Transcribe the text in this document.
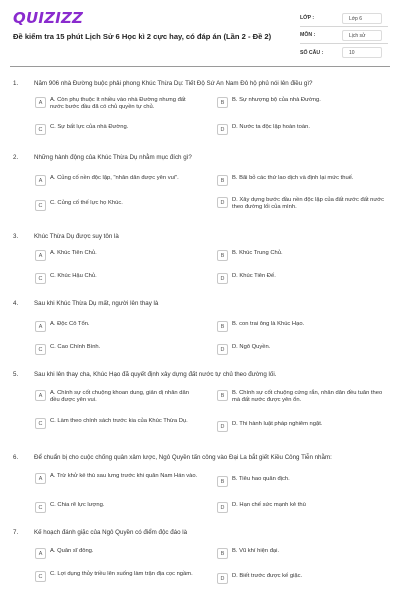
QUIZIZZ
Đề kiểm tra 15 phút Lịch Sử 6 Học kì 2 cực hay, có đáp án (Lần 2 - Đề 2)
LỚP :	Lớp 6
MÔN :	Lịch sử
SỐ CÂU :	10
1.	Năm 906 nhà Đường buộc phải phong Khúc Thừa Dụ: Tiết Độ Sứ An Nam Đô hộ phủ nói lên điều gì?
A	A. Còn phụ thuộc ít nhiều vào nhà Đường nhưng đất nước bước đầu đã có chủ quyền tự chủ.
B	B. Sự nhượng bộ của nhà Đường.
C	C. Sự bất lực của nhà Đường.	D	D. Nước ta độc lập hoàn toàn.
2.	Những hành động của Khúc Thừa Dụ nhằm mục đích gì?
A	A. Củng cố nền độc lập, "nhân dân được yên vui".	B	B. Bãi bỏ các thứ lao dịch và định lại mức thuế.
C	C. Củng cố thế lực họ Khúc.	D	D. Xây dựng bước đầu nền độc lập của đất nước đất nước theo đường lối của mình.
3.	Khúc Thừa Dụ được suy tôn là
A	A. Khúc Tiên Chủ.	B	B. Khúc Trung Chủ.
C	C. Khúc Hậu Chủ.	D	D. Khúc Tiên Đế.
4.	Sau khi Khúc Thừa Dụ mất, người lên thay là
A	A. Độc Cô Tổn.	B	B. con trai ông là Khúc Hạo.
C	C. Cao Chính Bình.	D	D. Ngô Quyền.
5.	Sau khi lên thay cha, Khúc Hạo đã quyết định xây dựng đất nước tự chủ theo đường lối.
A	A. Chính sự cốt chuộng khoan dung, giản dị nhân dân đều được yên vui.
B	B. Chính sự cốt chuộng cứng rắn, nhân dân đều tuân theo mà đất nước được yên ổn.
C	C. Làm theo chính sách trước kia của Khúc Thừa Dụ.
D	D. Thi hành luật pháp nghiêm ngặt.
6.	Để chuẩn bị cho cuộc chống quân xâm lược, Ngô Quyền tấn công vào Đại La bắt giết Kiều Công Tiễn nhằm:
A	A. Trừ khử kẻ thù sau lưng trước khi quân Nam Hán vào.
B	B. Tiêu hao quân địch.
C	C. Chia rẽ lực lượng.	D	D. Hạn chế sức mạnh kẻ thù
7.	Kế hoạch đánh giặc của Ngô Quyền có điểm độc đáo là
A	A. Quân sĩ đông.	B	B. Vũ khí hiện đại.
C	C. Lợi dụng thủy triều lên xuống làm trận địa cọc ngầm.
D	D. Biết trước được kế giặc.
